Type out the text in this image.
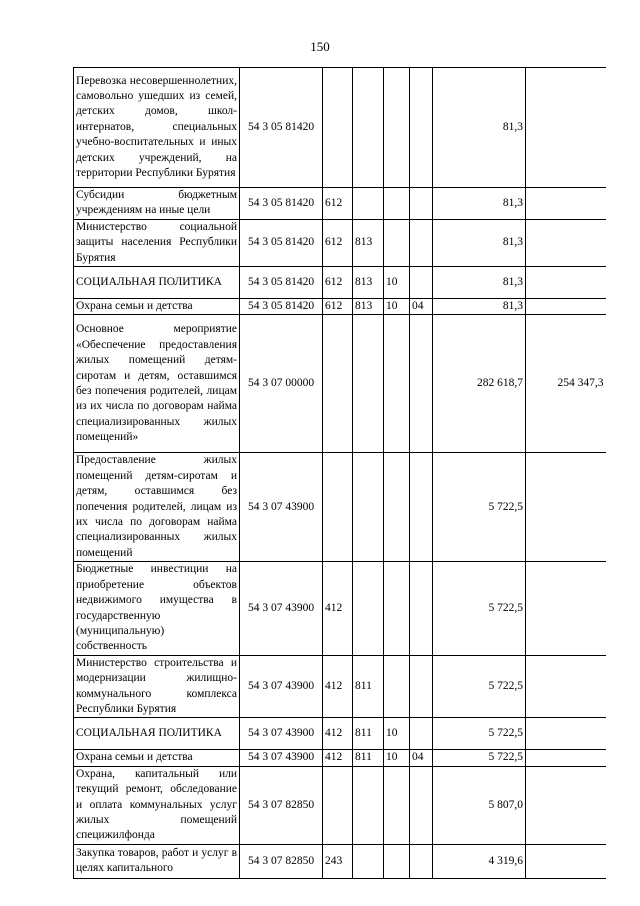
150
Перевозка несовершеннолетних, самовольно ушедших из семей, детских домов, школ-интернатов, специальных учебно-воспитательных и иных детских учреждений, на территории Республики Бурятия	54 3 05 81420					81,3	
Субсидии бюджетным учреждениям на иные цели	54 3 05 81420	612				81,3	
Министерство социальной защиты населения Республики Бурятия	54 3 05 81420	612	813			81,3	
СОЦИАЛЬНАЯ ПОЛИТИКА	54 3 05 81420	612	813	10		81,3	
Охрана семьи и детства	54 3 05 81420	612	813	10	04	81,3	
Основное мероприятие «Обеспечение предоставления жилых помещений детям-сиротам и детям, оставшимся без попечения родителей, лицам из их числа по договорам найма специализированных жилых помещений»	54 3 07 00000					282 618,7	254 347,3
Предоставление жилых помещений детям-сиротам и детям, оставшимся без попечения родителей, лицам из их числа по договорам найма специализированных жилых помещений	54 3 07 43900					5 722,5	
Бюджетные инвестиции на приобретение объектов недвижимого имущества в государственную (муниципальную) собственность	54 3 07 43900	412				5 722,5	
Министерство строительства и модернизации жилищно-коммунального комплекса Республики Бурятия	54 3 07 43900	412	811			5 722,5	
СОЦИАЛЬНАЯ ПОЛИТИКА	54 3 07 43900	412	811	10		5 722,5	
Охрана семьи и детства	54 3 07 43900	412	811	10	04	5 722,5	
Охрана, капитальный или текущий ремонт, обследование и оплата коммунальных услуг жилых помещений специжилфонда	54 3 07 82850					5 807,0	
Закупка товаров, работ и услуг в целях капитального	54 3 07 82850	243				4 319,6	
